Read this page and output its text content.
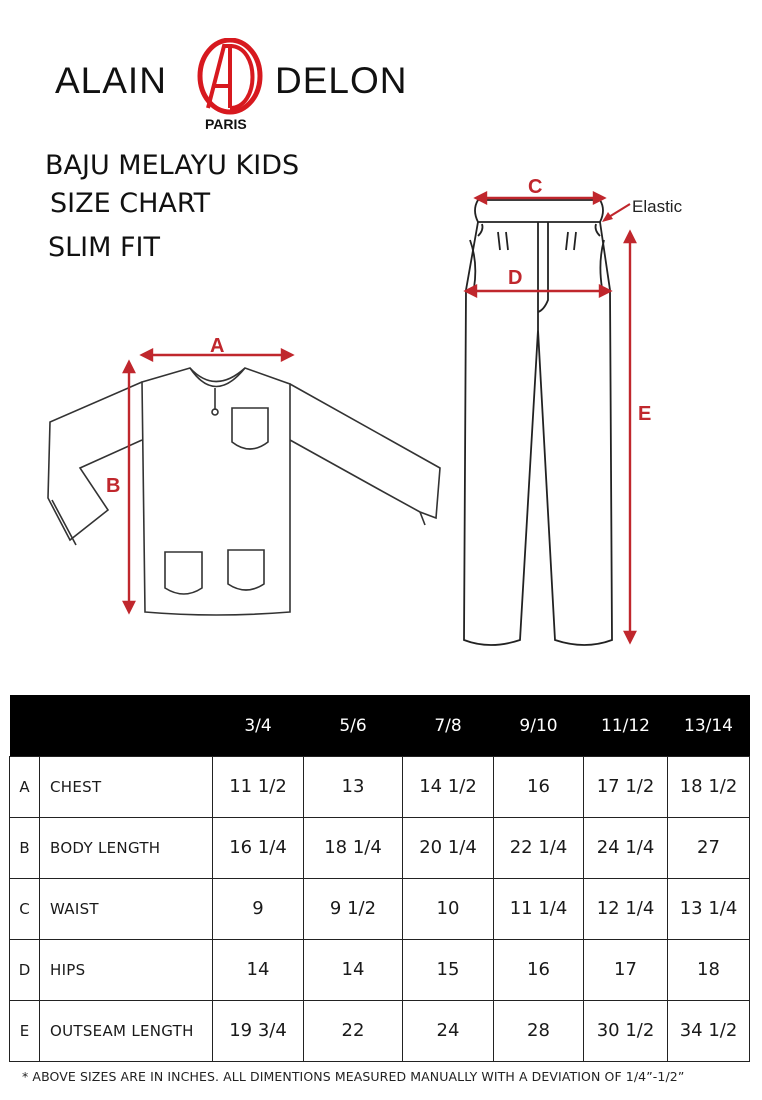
ALAIN	DELON
PARIS
BAJU MELAYU KIDS
SIZE CHART
SLIM FIT
A
B
C
Elastic
D
E
		3/4	5/6	7/8	9/10	11/12	13/14
A	CHEST	11 1/2	13	14 1/2	16	17 1/2	18 1/2
B	BODY LENGTH	16 1/4	18 1/4	20 1/4	22 1/4	24 1/4	27
C	WAIST	9	9 1/2	10	11 1/4	12 1/4	13 1/4
D	HIPS	14	14	15	16	17	18
E	OUTSEAM LENGTH	19 3/4	22	24	28	30 1/2	34 1/2
* ABOVE SIZES ARE IN INCHES. ALL DIMENTIONS MEASURED MANUALLY WITH A DEVIATION OF 1/4”-1/2”
